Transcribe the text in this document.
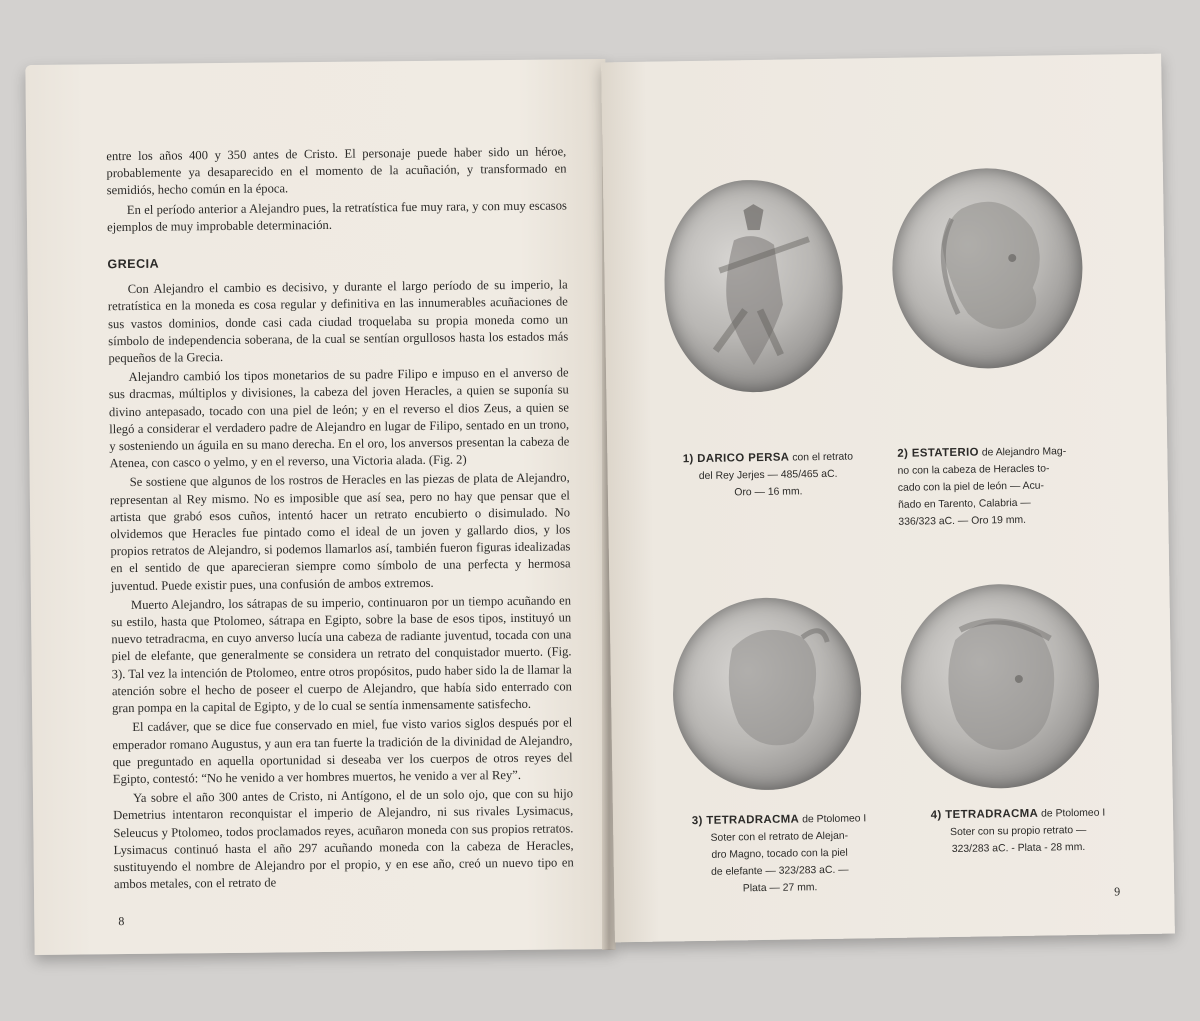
entre los años 400 y 350 antes de Cristo. El personaje puede haber sido un héroe, probablemente ya desaparecido en el momento de la acuñación, y transformado en semidiós, hecho común en la época.

En el período anterior a Alejandro pues, la retratística fue muy rara, y con muy escasos ejemplos de muy improbable determinación.

GRECIA

Con Alejandro el cambio es decisivo, y durante el largo período de su imperio, la retratística en la moneda es cosa regular y definitiva en las innumerables acuñaciones de sus vastos dominios, donde casi cada ciudad troquelaba su propia moneda como un símbolo de independencia soberana, de la cual se sentían orgullosos hasta los estados más pequeños de la Grecia.

Alejandro cambió los tipos monetarios de su padre Filipo e impuso en el anverso de sus dracmas, múltiplos y divisiones, la cabeza del joven Heracles, a quien se suponía su divino antepasado, tocado con una piel de león; y en el reverso el dios Zeus, a quien se llegó a considerar el verdadero padre de Alejandro en lugar de Filipo, sentado en un trono, y sosteniendo un águila en su mano derecha. En el oro, los anversos presentan la cabeza de Atenea, con casco o yelmo, y en el reverso, una Victoria alada. (Fig. 2)

Se sostiene que algunos de los rostros de Heracles en las piezas de plata de Alejandro, representan al Rey mismo. No es imposible que así sea, pero no hay que pensar que el artista que grabó esos cuños, intentó hacer un retrato encubierto o disimulado. No olvidemos que Heracles fue pintado como el ideal de un joven y gallardo dios, y los propios retratos de Alejandro, si podemos llamarlos así, también fueron figuras idealizadas en el sentido de que aparecieran siempre como símbolo de una perfecta y hermosa juventud. Puede existir pues, una confusión de ambos extremos.

Muerto Alejandro, los sátrapas de su imperio, continuaron por un tiempo acuñando en su estilo, hasta que Ptolomeo, sátrapa en Egipto, sobre la base de esos tipos, instituyó un nuevo tetradracma, en cuyo anverso lucía una cabeza de radiante juventud, tocada con una piel de elefante, que generalmente se considera un retrato del conquistador muerto. (Fig. 3). Tal vez la intención de Ptolomeo, entre otros propósitos, pudo haber sido la de llamar la atención sobre el hecho de poseer el cuerpo de Alejandro, que había sido enterrado con gran pompa en la capital de Egipto, y de lo cual se sentía inmensamente satisfecho.

El cadáver, que se dice fue conservado en miel, fue visto varios siglos después por el emperador romano Augustus, y aun era tan fuerte la tradición de la divinidad de Alejandro, que preguntado en aquella oportunidad si deseaba ver los cuerpos de otros reyes del Egipto, contestó: “No he venido a ver hombres muertos, he venido a ver al Rey”.

Ya sobre el año 300 antes de Cristo, ni Antígono, el de un solo ojo, que con su hijo Demetrius intentaron reconquistar el imperio de Alejandro, ni sus rivales Lysimacus, Seleucus y Ptolomeo, todos proclamados reyes, acuñaron moneda con sus propios retratos. Lysimacus continuó hasta el año 297 acuñando moneda con la cabeza de Heracles, sustituyendo el nombre de Alejandro por el propio, y en ese año, creó un nuevo tipo en ambos metales, con el retrato de

8
1) DARICO PERSA con el retrato
del Rey Jerjes — 485/465 aC.
Oro — 16 mm.
2) ESTATERIO de Alejandro Mag-
no con la cabeza de Heracles to-
cado con la piel de león — Acu-
ñado en Tarento, Calabria —
336/323 aC. — Oro 19 mm.
3) TETRADRACMA de Ptolomeo I
Soter con el retrato de Alejan-
dro Magno, tocado con la piel
de elefante — 323/283 aC. —
Plata — 27 mm.
4) TETRADRACMA de Ptolomeo I
Soter con su propio retrato —
323/283 aC. - Plata - 28 mm.
9
